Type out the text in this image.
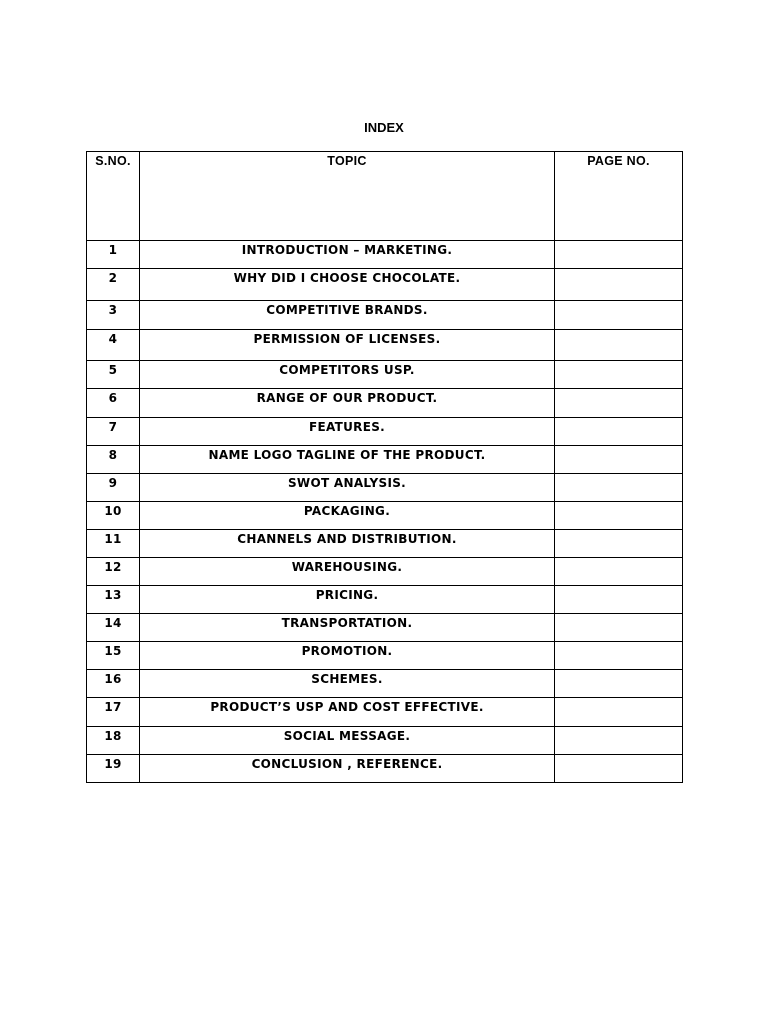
INDEX
S.NO.	TOPIC	PAGE NO.
1	INTRODUCTION – MARKETING.	
2	WHY DID I CHOOSE CHOCOLATE.	
3	COMPETITIVE BRANDS.	
4	PERMISSION OF LICENSES.	
5	COMPETITORS USP.	
6	RANGE OF OUR PRODUCT.	
7	FEATURES.	
8	NAME LOGO TAGLINE OF THE PRODUCT.	
9	SWOT ANALYSIS.	
10	PACKAGING.	
11	CHANNELS AND DISTRIBUTION.	
12	WAREHOUSING.	
13	PRICING.	
14	TRANSPORTATION.	
15	PROMOTION.	
16	SCHEMES.	
17	PRODUCT’S USP AND COST EFFECTIVE.	
18	SOCIAL MESSAGE.	
19	CONCLUSION , REFERENCE.	
